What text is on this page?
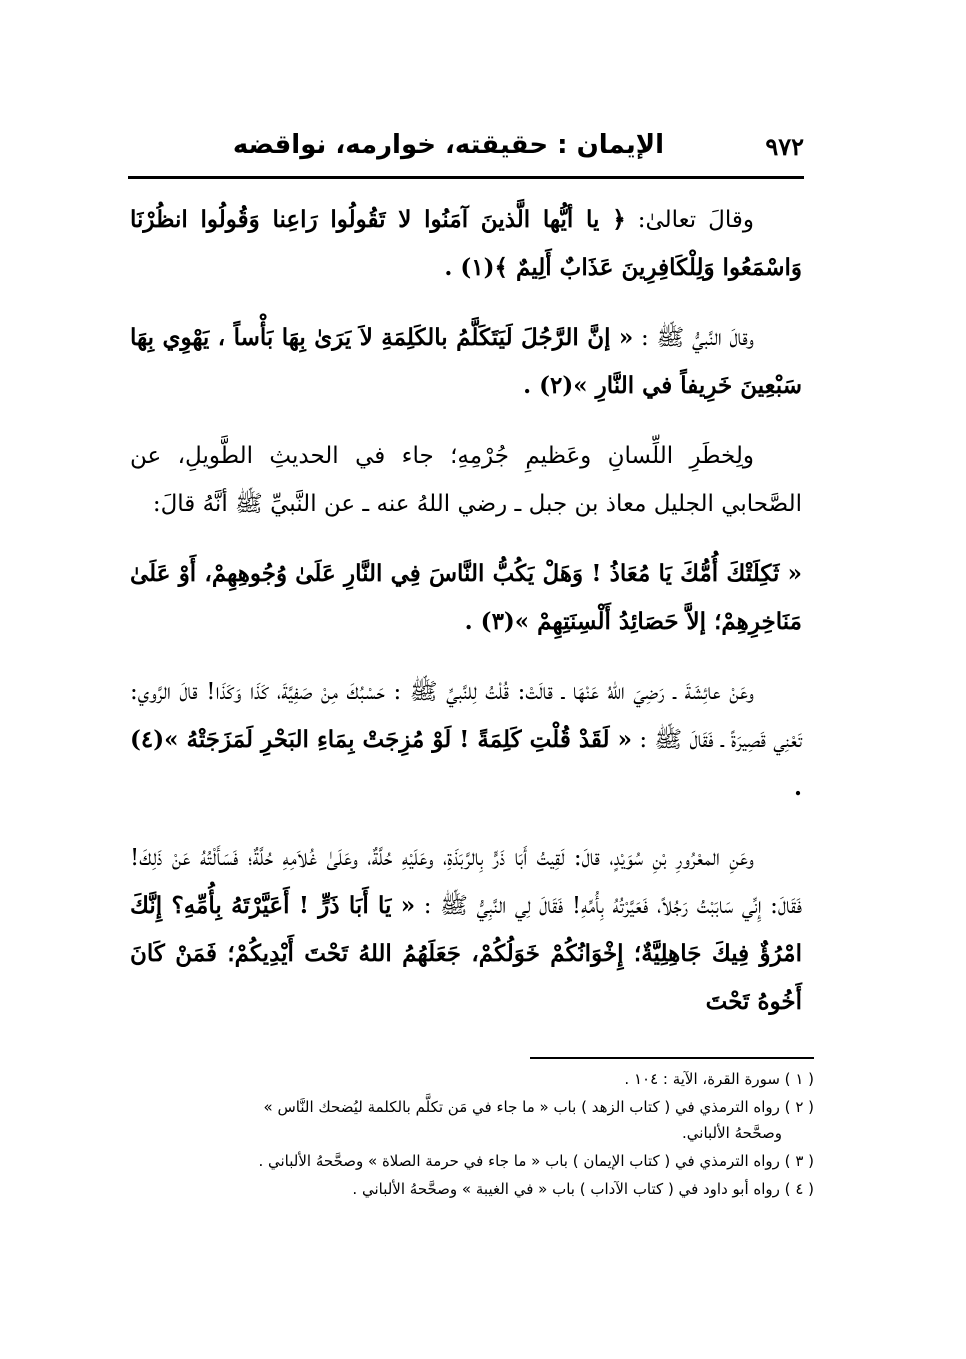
٩٧٢
الإيمان : حقيقته، خوارمه، نواقضه

وقالَ تعالىٰ: ﴿ يا أيُّها الَّذينَ آمَنُوا لا تَقُولُوا رَاعِنا وَقُولُوا انظُرْنَا وَاسْمَعُوا وَلِلْكَافِرِينَ عَذَابٌ أَلِيمٌ ﴾(١) .

وقالَ النَّبيُّ ﷺ : « إنَّ الرَّجُلَ لَيَتَكَلَّمُ بالكَلِمَةِ لاَ يَرَىٰ بِهَا بَأْساً ، يَهْوِي بِهَا سَبْعِينَ خَرِيفاً في النَّارِ »(٢) .

ولِخطَرِ اللِّسانِ وعَظيمِ جُرْمِهِ؛ جاء في الحديثِ الطَّويلِ، عن الصَّحابي الجليل معاذ بن جبل ـ رضي اللهُ عنه ـ عن النَّبيِّ ﷺ أنَّهُ قالَ:

« ثَكِلَتْكَ أُمُّكَ يَا مُعَاذُ ! وَهَلْ يَكُبُّ النَّاسَ فِي النَّارِ عَلَىٰ وُجُوهِهِمْ، أَوْ عَلَىٰ مَنَاخِرِهِمْ؛ إلاَّ حَصَائِدُ أَلْسِنَتِهِمْ »(٣) .

وعَنْ عائِشَةَ ـ رَضِيَ اللهُ عَنْهَا ـ قالَتْ: قُلْتُ لِلنَّبيِّ ﷺ : حَسْبُكَ مِنْ صَفِيَّةَ، كَذَا وَكَذَا! قالَ الرَّوي: تَعْنِي قَصِيرَةً ـ فَقَالَ ﷺ : « لَقَدْ قُلْتِ كَلِمَةً ! لَوْ مُزِجَتْ بِمَاءِ البَحْرِ لَمَزَجَتْهُ »(٤) .

وعَنِ المعْرُورِ بْنِ سُوَيْدٍ، قالَ: لَقِيتُ أَبَا ذَرٍّ بِالرَّبَذَةِ، وعَلَيْهِ حُلَّةٌ، وعَلَىٰ غُلاَمِهِ حُلَّةٌ؛ فَسَأَلْتُهُ عَنْ ذَلِكَ! فَقَالَ: إِنِّي سَابَبْتُ رَجُلاً، فَعَيَّرْتُهُ بِأُمِّهِ! فَقَالَ لِي النَّبِيُّ ﷺ : « يَا أَبَا ذَرٍّ ! أَعَيَّرْتَهُ بِأُمِّهِ؟ إِنَّكَ امْرُؤٌ فِيكَ جَاهِلِيَّةٌ؛ إِخْوَانُكُمْ خَوَلُكُمْ، جَعَلَهُمُ اللهُ تَحْتَ أَيْدِيكُمْ؛ فَمَنْ كَانَ أَخُوهُ تَحْتَ

( ١ ) سورة القرة، الآية : ١٠٤ .

( ٢ ) رواه الترمذي في ( كتاب الزهد ) باب « ما جاء في مَن تكلَّم بالكلمة ليُضحك النَّاس »
وصحَّحهُ الألباني.

( ٣ ) رواه الترمذي في ( كتاب الإيمان ) باب « ما جاء في حرمة الصلاة » وصحَّحهُ الألباني .

( ٤ ) رواه أبو داود في ( كتاب الآداب ) باب « في الغيبة » وصحَّحهُ الألباني .
